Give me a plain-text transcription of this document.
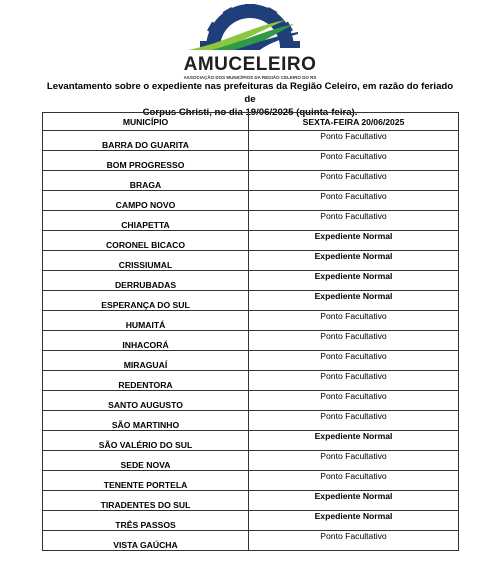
AMUCELEIRO
ASSOCIAÇÃO DOS MUNICÍPIOS DA REGIÃO CELEIRO DO RS
Levantamento sobre o expediente nas prefeituras da Região Celeiro, em razão do feriado de
Corpus Christi, no dia 19/06/2025 (quinta-feira).
MUNICÍPIO	SEXTA-FEIRA 20/06/2025
BARRA DO GUARITA	Ponto Facultativo
BOM PROGRESSO	Ponto Facultativo
BRAGA	Ponto Facultativo
CAMPO NOVO	Ponto Facultativo
CHIAPETTA	Ponto Facultativo
CORONEL BICACO	Expediente Normal
CRISSIUMAL	Expediente Normal
DERRUBADAS	Expediente Normal
ESPERANÇA DO SUL	Expediente Normal
HUMAITÁ	Ponto Facultativo
INHACORÁ	Ponto Facultativo
MIRAGUAÍ	Ponto Facultativo
REDENTORA	Ponto Facultativo
SANTO AUGUSTO	Ponto Facultativo
SÃO MARTINHO	Ponto Facultativo
SÃO VALÉRIO DO SUL	Expediente Normal
SEDE NOVA	Ponto Facultativo
TENENTE PORTELA	Ponto Facultativo
TIRADENTES DO SUL	Expediente Normal
TRÊS PASSOS	Expediente Normal
VISTA GAÚCHA	Ponto Facultativo
